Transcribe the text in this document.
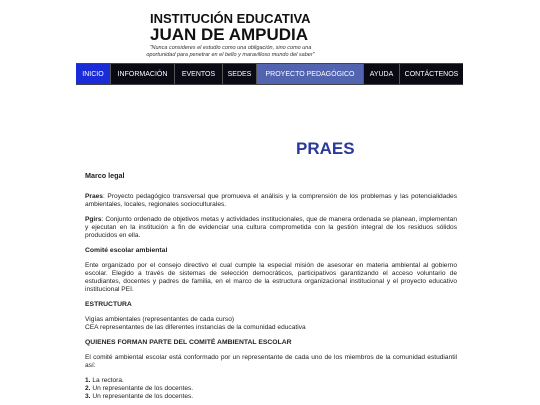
INSTITUCIÓN EDUCATIVA
JUAN DE AMPUDIA
"Nunca consideres el estudio como una obligación, sino como una
oportunidad para penetrar en el bello y maravilloso mundo del saber"
INICIO	INFORMACIÓN	EVENTOS	SEDES	PROYECTO PEDAGÓGICO	AYUDA	CONTÁCTENOS
PRAES
Marco legal

Praes: Proyecto pedagógico transversal que promueva el análisis y la comprensión de los problemas y las potencialidades ambientales, locales, regionales socioculturales.

Pgirs: Conjunto ordenado de objetivos metas y actividades institucionales, que de manera ordenada se planean, implementan y ejecutan en la institución a fin de evidenciar una cultura comprometida con la gestión integral de los residuos sólidos producidos en ella.

Comité escolar ambiental

Ente organizado por el consejo directivo el cual cumple la especial misión de asesorar en materia ambiental al gobierno escolar. Elegido a través de sistemas de selección democráticos, participativos garantizando el acceso voluntario de estudiantes, docentes y padres de familia, en el marco de la estructura organizacional institucional y el proyecto educativo institucional PEI.

ESTRUCTURA

Vigías ambientales (representantes de cada curso)
CEA representantes de las diferentes instancias de la comunidad educativa

QUIENES FORMAN PARTE DEL COMITÉ AMBIENTAL ESCOLAR

El comité ambiental escolar está conformado por un representante de cada uno de los miembros de la comunidad estudiantil así:

1. La rectora.
2. Un representante de los docentes.
3. Un representante de los docentes.
